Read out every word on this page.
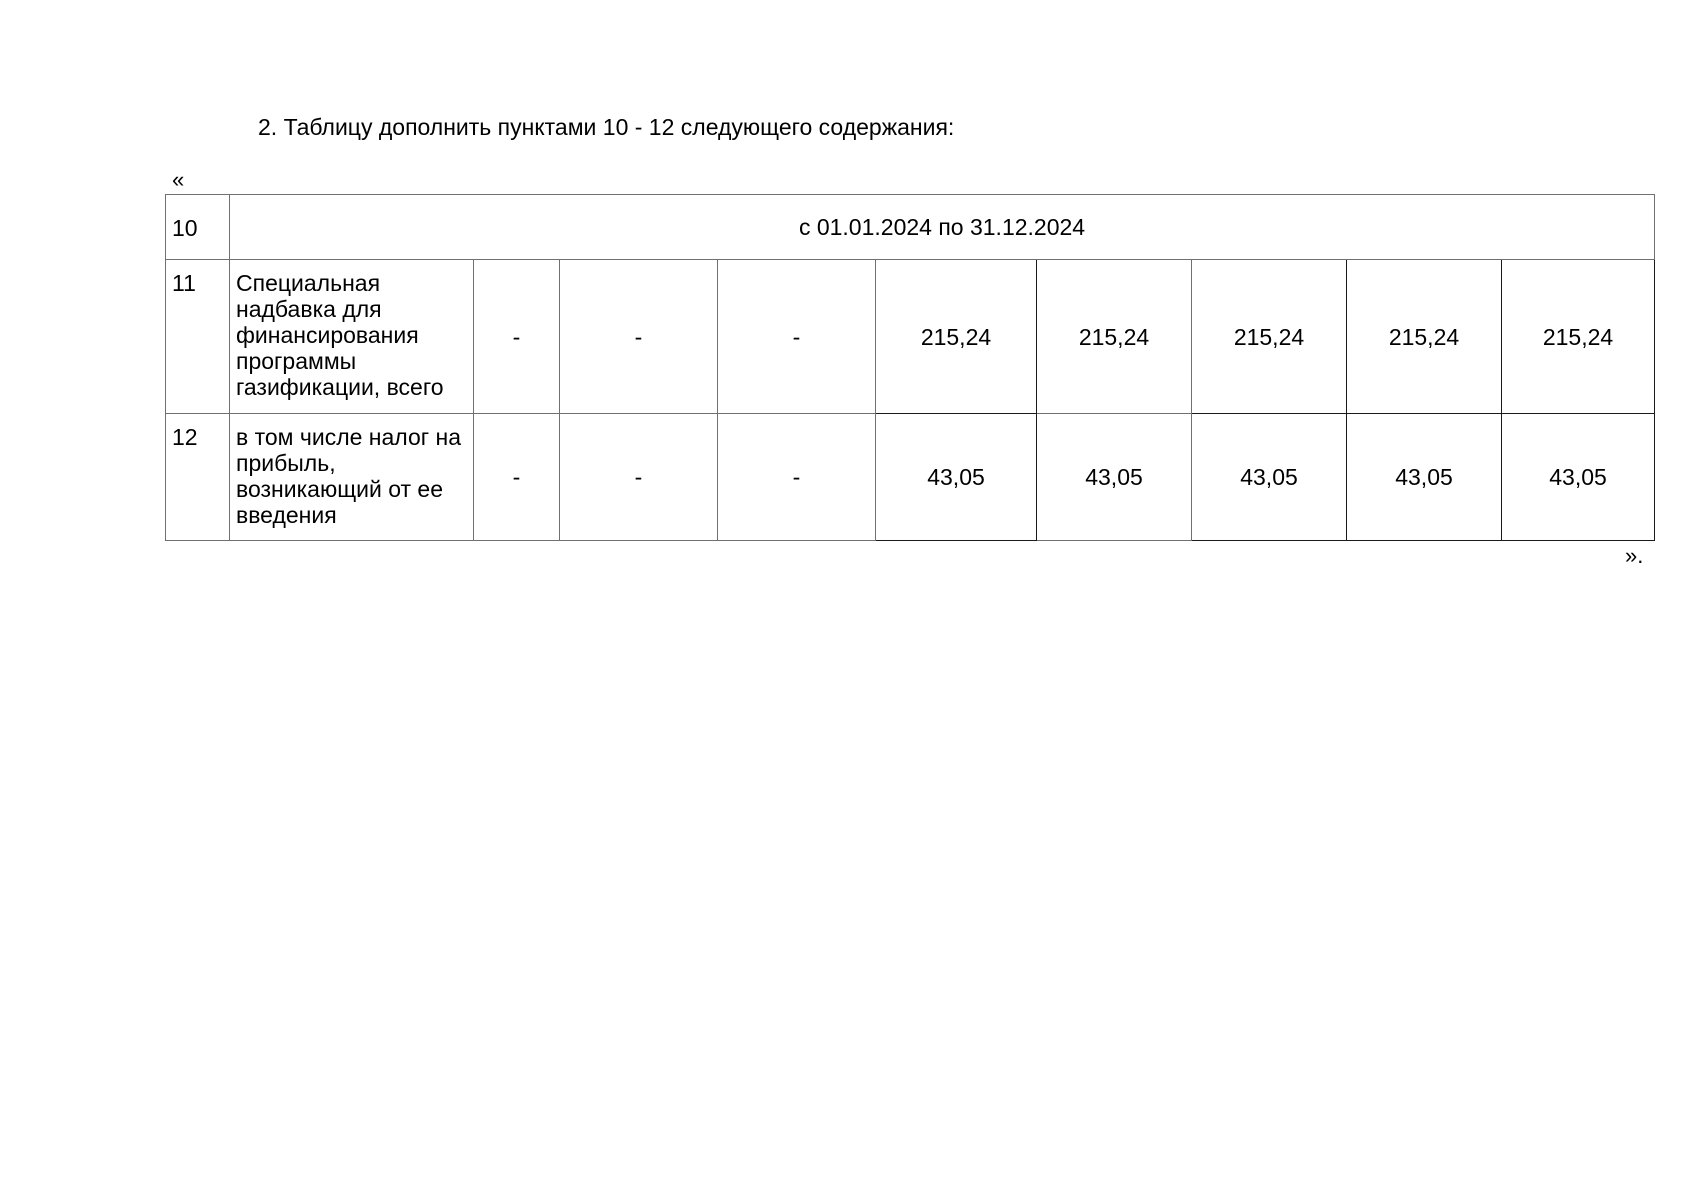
2. Таблицу дополнить пунктами 10 - 12 следующего содержания:
«
10	с 01.01.2024 по 31.12.2024								
11	Специальная надбавка для финансирования программы газификации, всего	-	-	-	215,24	215,24	215,24	215,24	215,24
12	в том числе налог на прибыль, возникающий от ее введения	-	-	-	43,05	43,05	43,05	43,05	43,05
».
